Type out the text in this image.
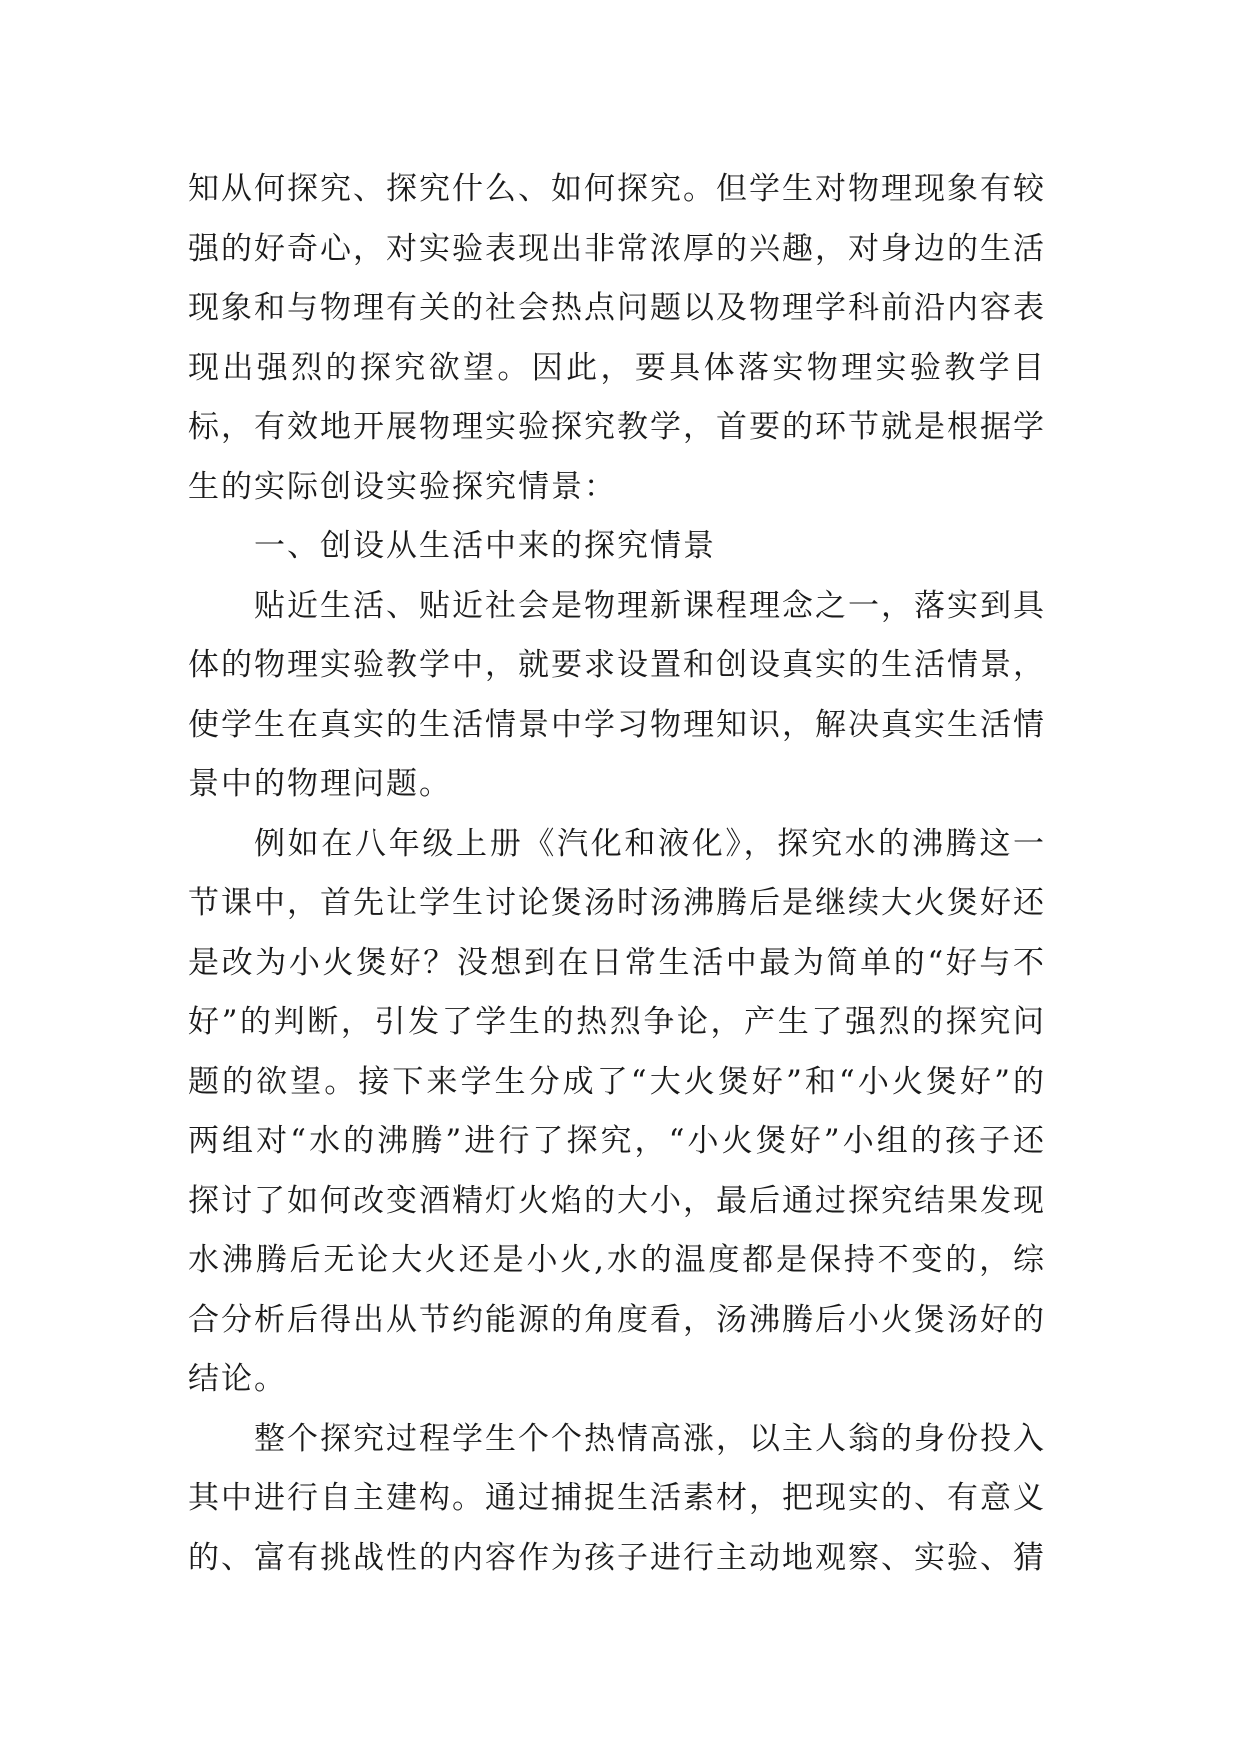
知从何探究、探究什么、如何探究。但学生对物理现象有较强的好奇心，对实验表现出非常浓厚的兴趣，对身边的生活现象和与物理有关的社会热点问题以及物理学科前沿内容表现出强烈的探究欲望。因此，要具体落实物理实验教学目标，有效地开展物理实验探究教学，首要的环节就是根据学生的实际创设实验探究情景：

一、创设从生活中来的探究情景

贴近生活、贴近社会是物理新课程理念之一，落实到具体的物理实验教学中，就要求设置和创设真实的生活情景，使学生在真实的生活情景中学习物理知识，解决真实生活情景中的物理问题。

例如在八年级上册《汽化和液化》，探究水的沸腾这一节课中，首先让学生讨论煲汤时汤沸腾后是继续大火煲好还是改为小火煲好？没想到在日常生活中最为简单的“好与不好”的判断，引发了学生的热烈争论，产生了强烈的探究问题的欲望。接下来学生分成了“大火煲好”和“小火煲好”的两组对“水的沸腾”进行了探究，“小火煲好”小组的孩子还探讨了如何改变酒精灯火焰的大小，最后通过探究结果发现水沸腾后无论大火还是小火,水的温度都是保持不变的，综合分析后得出从节约能源的角度看，汤沸腾后小火煲汤好的结论。

整个探究过程学生个个热情高涨，以主人翁的身份投入其中进行自主建构。通过捕捉生活素材，把现实的、有意义的、富有挑战性的内容作为孩子进行主动地观察、实验、猜
